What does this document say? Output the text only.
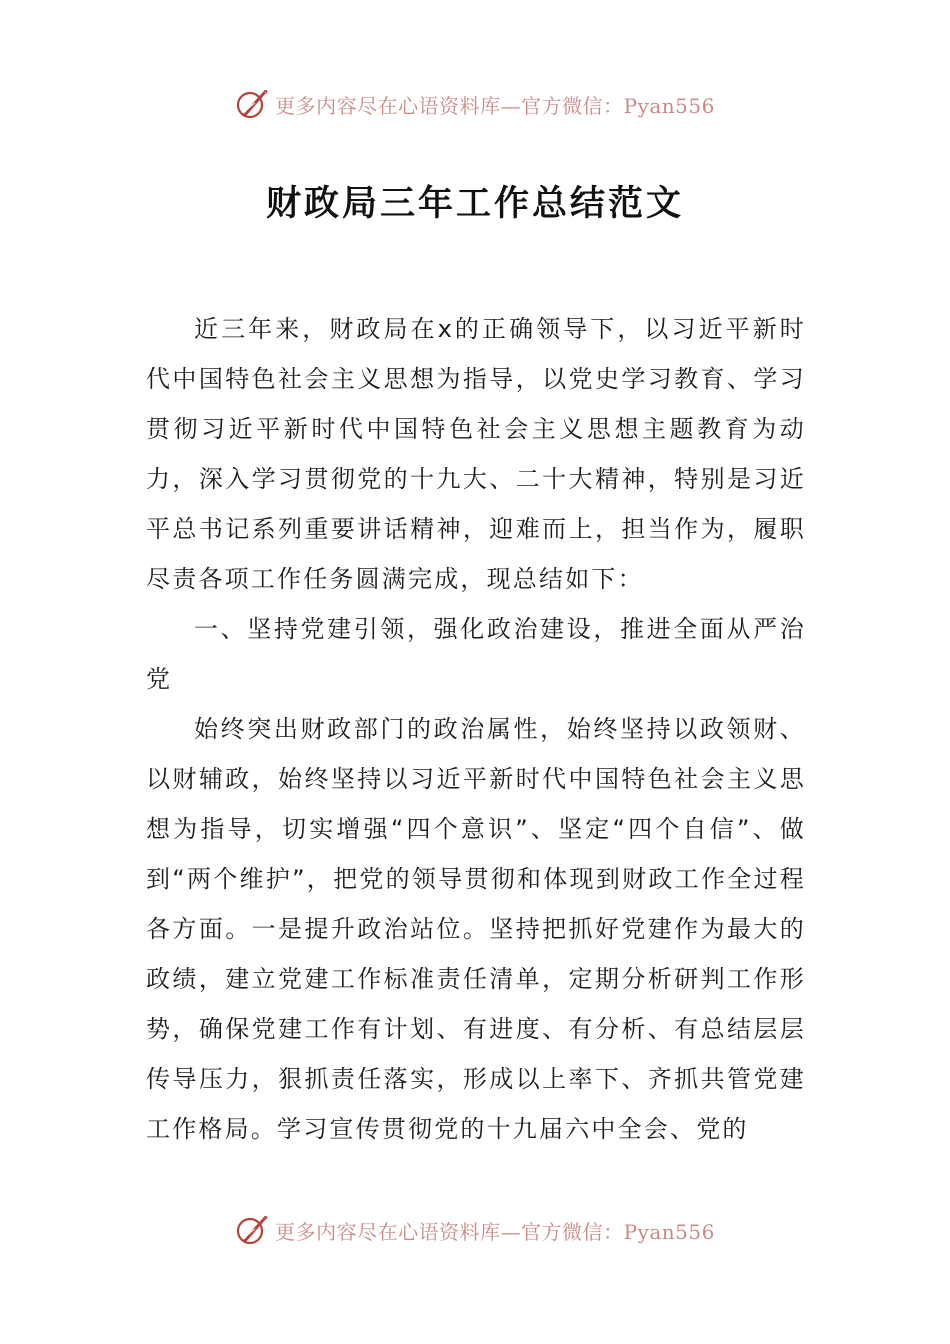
更多内容尽在心语资料库—官方微信：Pyan556
财政局三年工作总结范文

近三年来，财政局在x的正确领导下，以习近平新时代中国特色社会主义思想为指导，以党史学习教育、学习贯彻习近平新时代中国特色社会主义思想主题教育为动力，深入学习贯彻党的十九大、二十大精神，特别是习近平总书记系列重要讲话精神，迎难而上，担当作为，履职尽责各项工作任务圆满完成，现总结如下：

一、坚持党建引领，强化政治建设，推进全面从严治党

始终突出财政部门的政治属性，始终坚持以政领财、以财辅政，始终坚持以习近平新时代中国特色社会主义思想为指导，切实增强“四个意识”、坚定“四个自信”、做到“两个维护”，把党的领导贯彻和体现到财政工作全过程各方面。一是提升政治站位。坚持把抓好党建作为最大的政绩，建立党建工作标准责任清单，定期分析研判工作形势，确保党建工作有计划、有进度、有分析、有总结层层传导压力，狠抓责任落实，形成以上率下、齐抓共管党建工作格局。学习宣传贯彻党的十九届六中全会、党的

更多内容尽在心语资料库—官方微信：Pyan556
